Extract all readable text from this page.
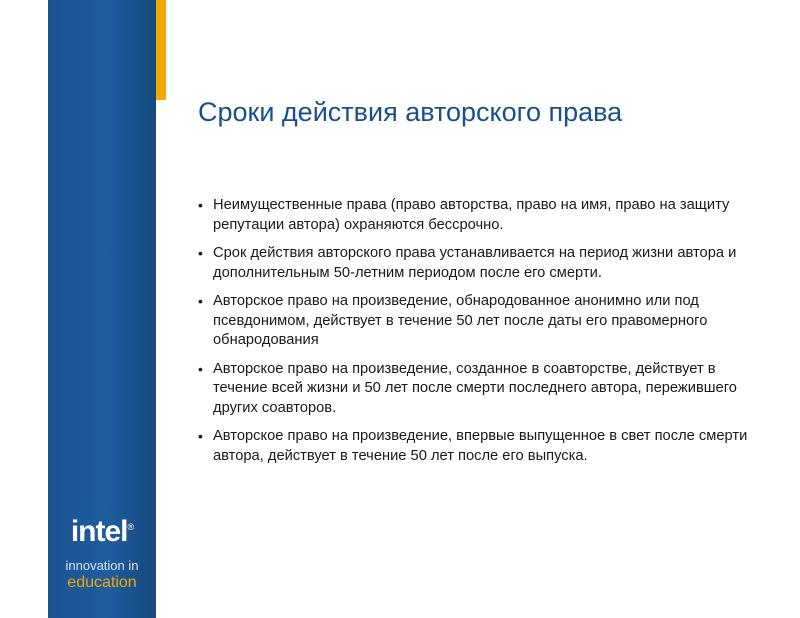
intel®
innovation in
education
Сроки действия авторского права
• Неимущественные права (право авторства, право на имя, право на защиту репутации автора) охраняются бессрочно.
• Срок действия авторского права устанавливается на период жизни автора и дополнительным 50-летним периодом после его смерти.
• Авторское право на произведение, обнародованное анонимно или под псевдонимом, действует в течение 50 лет после даты его правомерного обнародования
• Авторское право на произведение, созданное в соавторстве, действует в течение всей жизни и 50 лет после смерти последнего автора, пережившего других соавторов.
• Авторское право на произведение, впервые выпущенное в свет после смерти автора, действует в течение 50 лет после его выпуска.
